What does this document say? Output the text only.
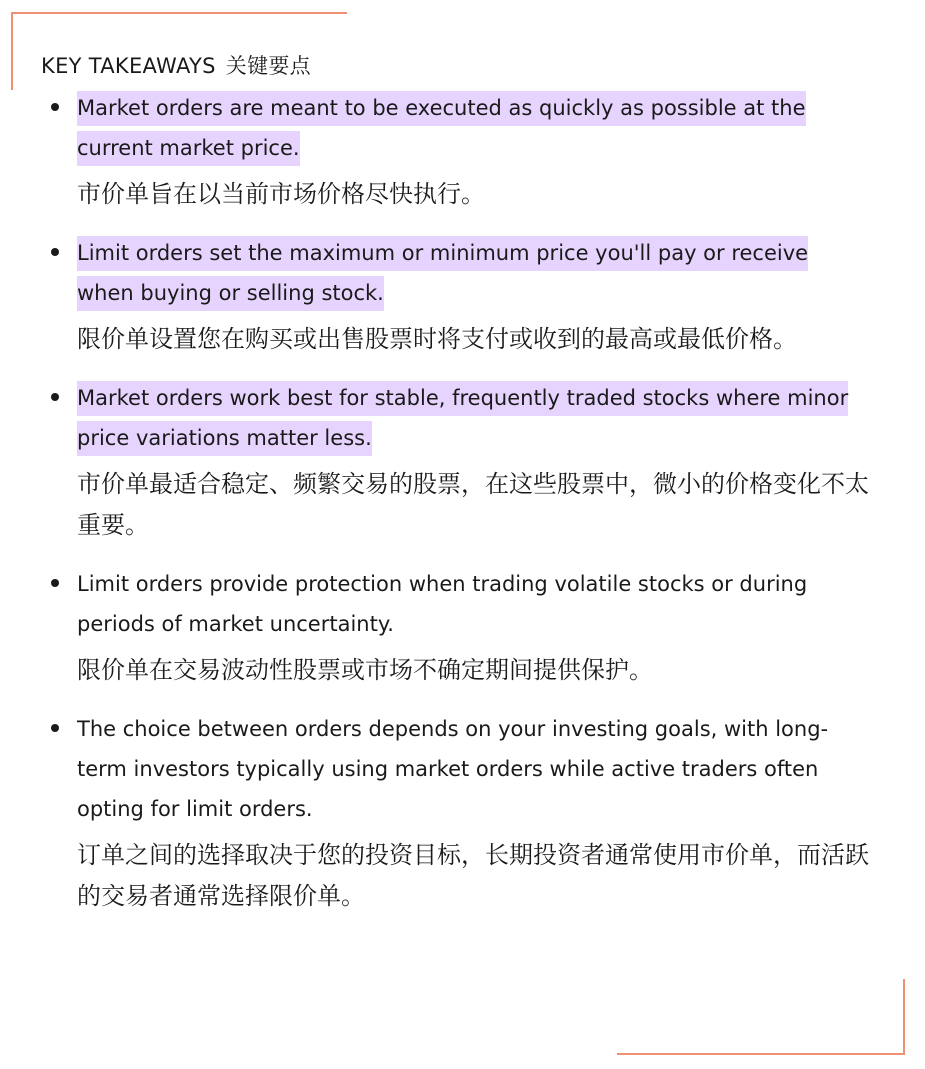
KEY TAKEAWAYS 关键要点

Market orders are meant to be executed as quickly as possible at the current market price.

市价单旨在以当前市场价格尽快执行。

Limit orders set the maximum or minimum price you'll pay or receive when buying or selling stock.

限价单设置您在购买或出售股票时将支付或收到的最高或最低价格。

Market orders work best for stable, frequently traded stocks where minor price variations matter less.

市价单最适合稳定、频繁交易的股票，在这些股票中，微小的价格变化不太重要。

Limit orders provide protection when trading volatile stocks or during periods of market uncertainty.

限价单在交易波动性股票或市场不确定期间提供保护。

The choice between orders depends on your investing goals, with long-term investors typically using market orders while active traders often opting for limit orders.

订单之间的选择取决于您的投资目标，长期投资者通常使用市价单，而活跃的交易者通常选择限价单。
